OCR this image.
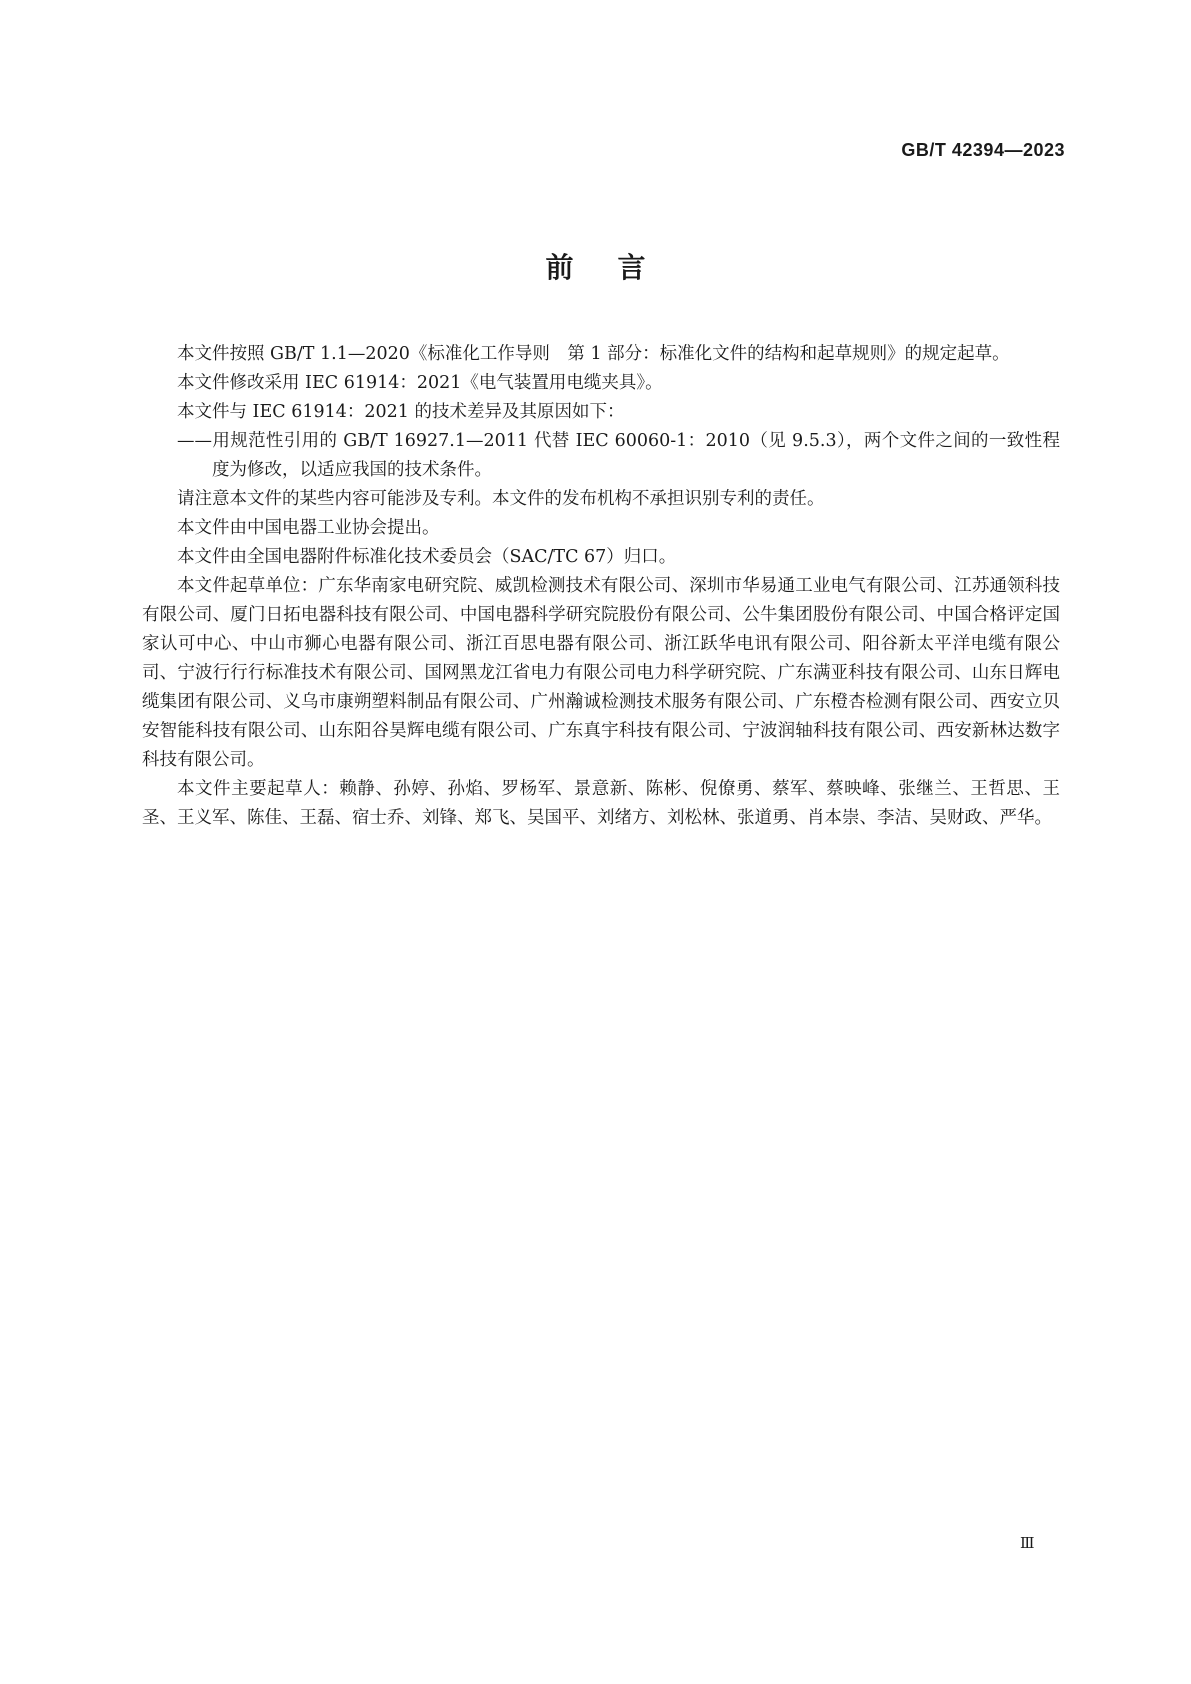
GB/T 42394—2023
前言

本文件按照 GB/T 1.1—2020《标准化工作导则　第 1 部分：标准化文件的结构和起草规则》的规定起草。

本文件修改采用 IEC 61914：2021《电气装置用电缆夹具》。

本文件与 IEC 61914：2021 的技术差异及其原因如下：

——用规范性引用的 GB/T 16927.1—2011 代替 IEC 60060-1：2010（见 9.5.3），两个文件之间的一致性程度为修改，以适应我国的技术条件。

请注意本文件的某些内容可能涉及专利。本文件的发布机构不承担识别专利的责任。

本文件由中国电器工业协会提出。

本文件由全国电器附件标准化技术委员会（SAC/TC 67）归口。

本文件起草单位：广东华南家电研究院、威凯检测技术有限公司、深圳市华易通工业电气有限公司、江苏通领科技有限公司、厦门日拓电器科技有限公司、中国电器科学研究院股份有限公司、公牛集团股份有限公司、中国合格评定国家认可中心、中山市狮心电器有限公司、浙江百思电器有限公司、浙江跃华电讯有限公司、阳谷新太平洋电缆有限公司、宁波行行行标准技术有限公司、国网黑龙江省电力有限公司电力科学研究院、广东满亚科技有限公司、山东日辉电缆集团有限公司、义乌市康朔塑料制品有限公司、广州瀚诚检测技术服务有限公司、广东橙杏检测有限公司、西安立贝安智能科技有限公司、山东阳谷昊辉电缆有限公司、广东真宇科技有限公司、宁波润轴科技有限公司、西安新林达数字科技有限公司。

本文件主要起草人：赖静、孙婷、孙焰、罗杨军、景意新、陈彬、倪僚勇、蔡军、蔡映峰、张继兰、王哲思、王圣、王义军、陈佳、王磊、宿士乔、刘锋、郑飞、吴国平、刘绪方、刘松林、张道勇、肖本崇、李洁、吴财政、严华。

Ⅲ
